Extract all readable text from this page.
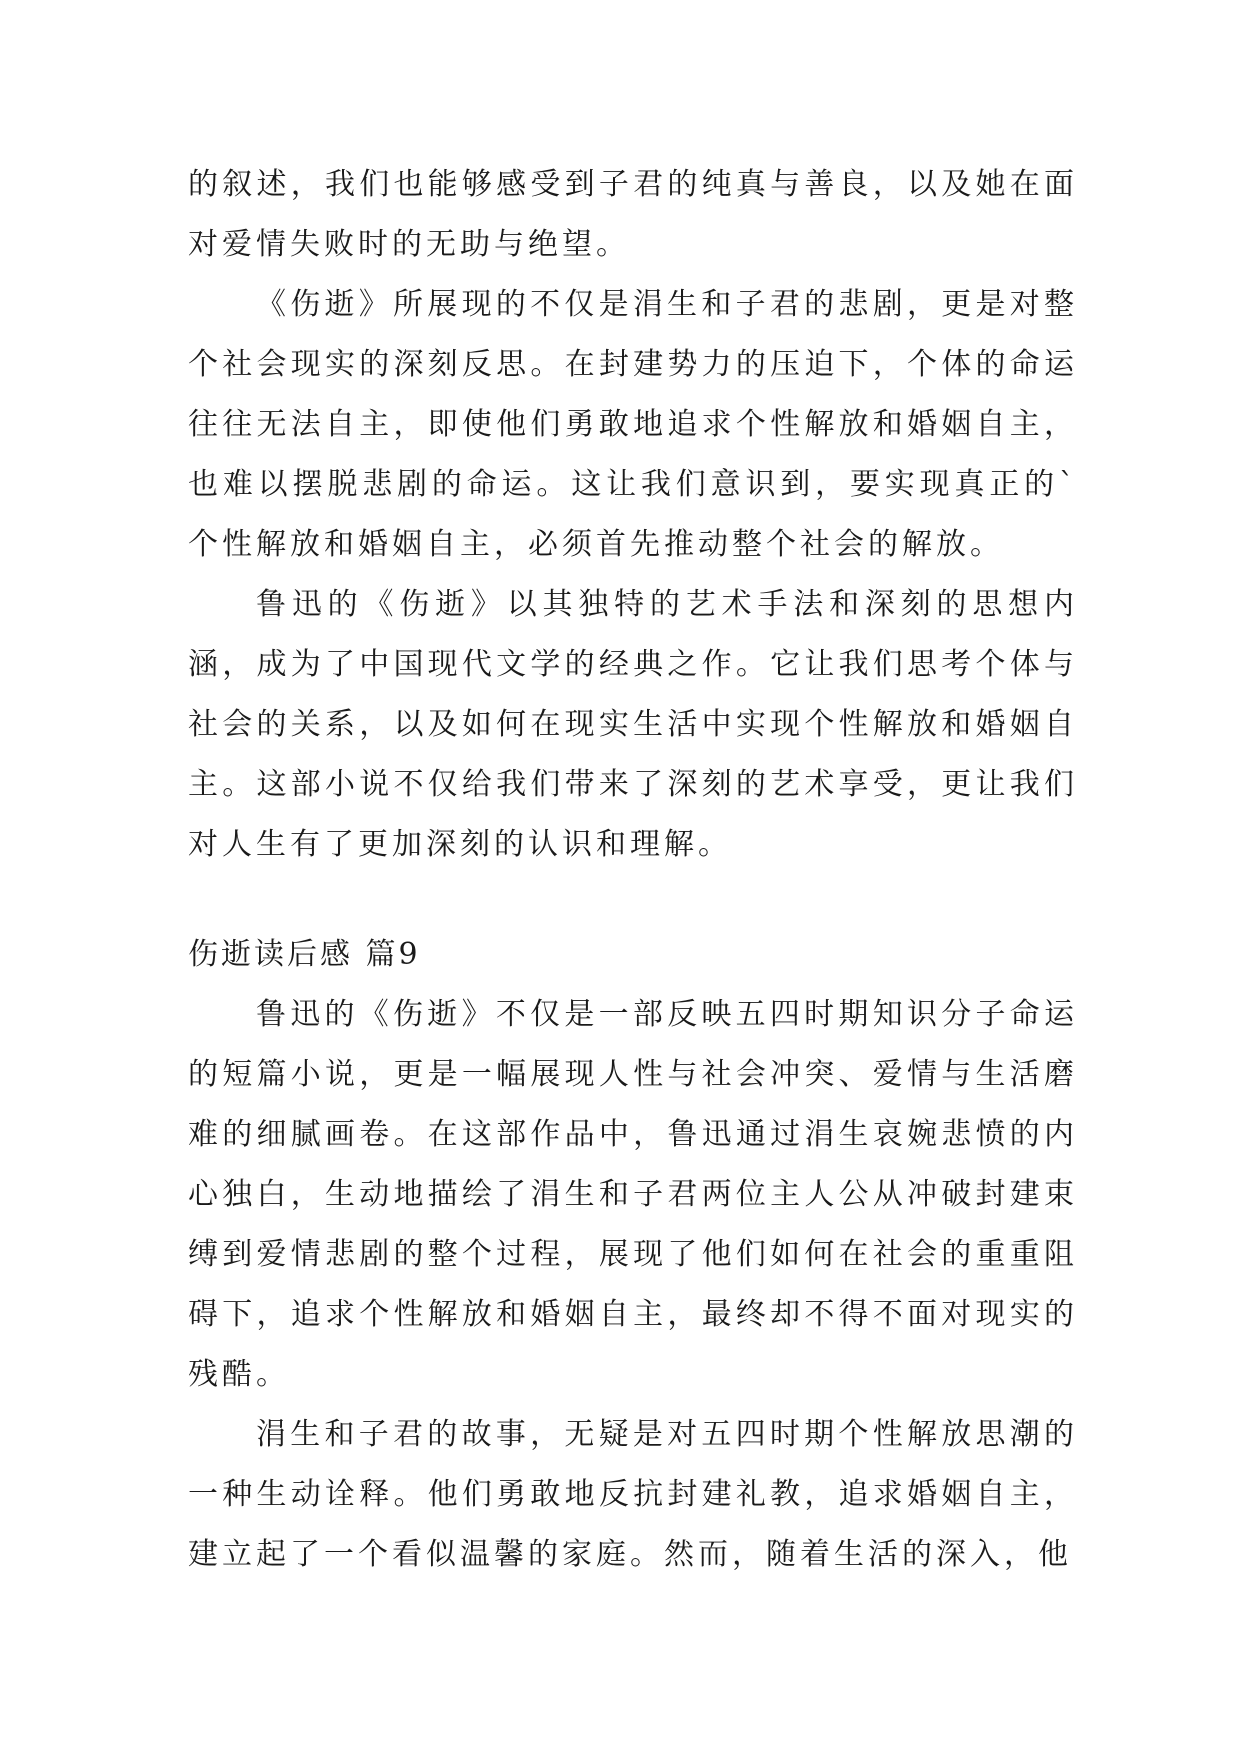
的叙述，我们也能够感受到子君的纯真与善良，以及她在面对爱情失败时的无助与绝望。

《伤逝》所展现的不仅是涓生和子君的悲剧，更是对整个社会现实的深刻反思。在封建势力的压迫下，个体的命运往往无法自主，即使他们勇敢地追求个性解放和婚姻自主，也难以摆脱悲剧的命运。这让我们意识到，要实现真正的`个性解放和婚姻自主，必须首先推动整个社会的解放。

鲁迅的《伤逝》以其独特的艺术手法和深刻的思想内涵，成为了中国现代文学的经典之作。它让我们思考个体与社会的关系，以及如何在现实生活中实现个性解放和婚姻自主。这部小说不仅给我们带来了深刻的艺术享受，更让我们对人生有了更加深刻的认识和理解。

伤逝读后感 篇9

鲁迅的《伤逝》不仅是一部反映五四时期知识分子命运的短篇小说，更是一幅展现人性与社会冲突、爱情与生活磨难的细腻画卷。在这部作品中，鲁迅通过涓生哀婉悲愤的内心独白，生动地描绘了涓生和子君两位主人公从冲破封建束缚到爱情悲剧的整个过程，展现了他们如何在社会的重重阻碍下，追求个性解放和婚姻自主，最终却不得不面对现实的残酷。

涓生和子君的故事，无疑是对五四时期个性解放思潮的一种生动诠释。他们勇敢地反抗封建礼教，追求婚姻自主，建立起了一个看似温馨的家庭。然而，随着生活的深入，他
